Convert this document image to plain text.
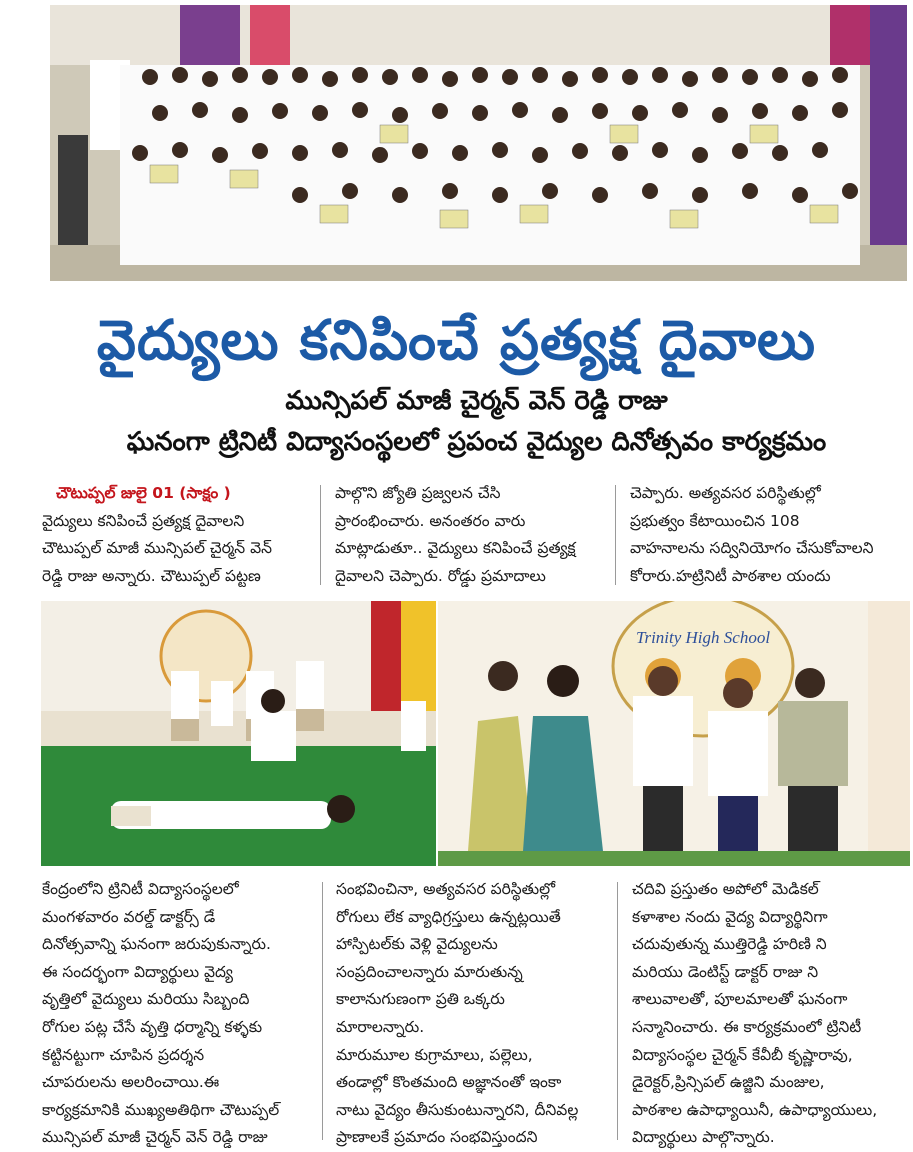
వైద్యులు కనిపించే ప్రత్యక్ష దైవాలు
మున్సిపల్ మాజీ చైర్మన్ వెన్ రెడ్డి రాజు
ఘనంగా ట్రినిటీ విద్యాసంస్థలలో ప్రపంచ వైద్యుల దినోత్సవం కార్యక్రమం

చౌటుప్పల్ జులై 01 (సాక్షం )

వైద్యులు కనిపించే ప్రత్యక్ష దైవాలని

చౌటుప్పల్ మాజీ మున్సిపల్ చైర్మన్ వెన్

రెడ్డి రాజు అన్నారు. చౌటుప్పల్ పట్టణ

పాల్గొని జ్యోతి ప్రజ్వలన చేసి

ప్రారంభించారు. అనంతరం వారు

మాట్లాడుతూ.. వైద్యులు కనిపించే ప్రత్యక్ష

దైవాలని చెప్పారు. రోడ్డు ప్రమాదాలు

చెప్పారు. అత్యవసర పరిస్థితుల్లో

ప్రభుత్వం కేటాయించిన 108

వాహనాలను సద్వినియోగం చేసుకోవాలని

కోరారు.హట్రినిటీ పాఠశాల యందు

Trinity High School

కేంద్రంలోని ట్రినిటీ విద్యాసంస్థలలో

మంగళవారం వరల్డ్ డాక్టర్స్ డే

దినోత్సవాన్ని ఘనంగా జరుపుకున్నారు.

ఈ సందర్భంగా విద్యార్థులు వైద్య

వృత్తిలో వైద్యులు మరియు సిబ్బంది

రోగుల పట్ల చేసే వృత్తి ధర్మాన్ని కళ్ళకు

కట్టినట్టుగా చూపిన ప్రదర్శన

చూపరులను అలరించాయి.ఈ

కార్యక్రమానికి ముఖ్యఅతిథిగా చౌటుప్పల్

మున్సిపల్ మాజీ చైర్మన్ వెన్ రెడ్డి రాజు

సంభవించినా, అత్యవసర పరిస్థితుల్లో

రోగులు లేక వ్యాధిగ్రస్తులు ఉన్నట్లయితే

హాస్పిటల్‌కు వెళ్లి వైద్యులను

సంప్రదించాలన్నారు మారుతున్న

కాలానుగుణంగా ప్రతి ఒక్కరు

మారాలన్నారు.

మారుమూల కుగ్రామాలు, పల్లెలు,

తండాల్లో కొంతమంది అజ్ఞానంతో ఇంకా

నాటు వైద్యం తీసుకుంటున్నారని, దీనివల్ల

ప్రాణాలకే ప్రమాదం సంభవిస్తుందని

చదివి ప్రస్తుతం అపోలో మెడికల్

కళాశాల నందు వైద్య విద్యార్థినిగా

చదువుతున్న ముత్తిరెడ్డి హరిణి ని

మరియు డెంటిస్ట్ డాక్టర్ రాజు ని

శాలువాలతో, పూలమాలతో ఘనంగా

సన్మానించారు. ఈ కార్యక్రమంలో ట్రినిటీ

విద్యాసంస్థల చైర్మన్ కేవీబీ కృష్ణారావు,

డైరెక్టర్,ప్రిన్సిపల్ ఉజ్జిని మంజుల,

పాఠశాల ఉపాధ్యాయినీ, ఉపాధ్యాయులు,

విద్యార్థులు పాల్గొన్నారు.
